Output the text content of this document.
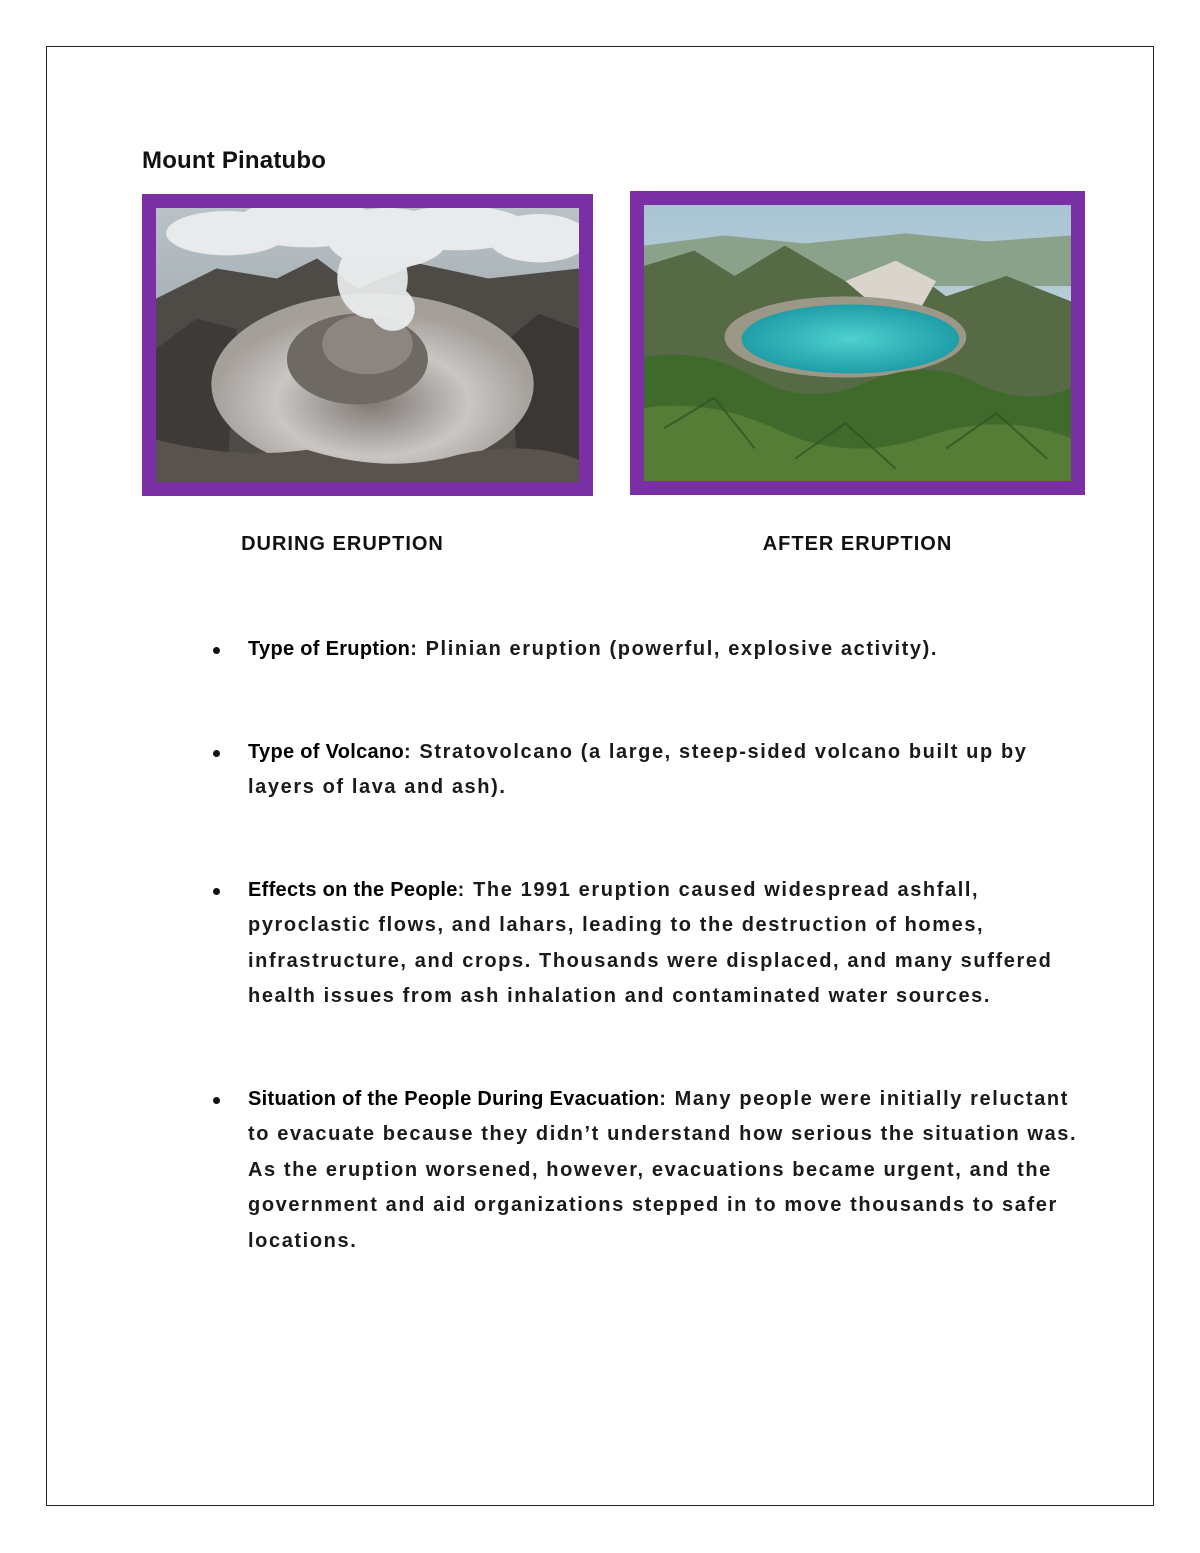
Mount Pinatubo
DURING ERUPTION	AFTER ERUPTION
Type of Eruption: Plinian eruption (powerful, explosive activity).
Type of Volcano: Stratovolcano (a large, steep-sided volcano built up by layers of lava and ash).
Effects on the People: The 1991 eruption caused widespread ashfall, pyroclastic flows, and lahars, leading to the destruction of homes, infrastructure, and crops. Thousands were displaced, and many suffered health issues from ash inhalation and contaminated water sources.
Situation of the People During Evacuation: Many people were initially reluctant to evacuate because they didn’t understand how serious the situation was. As the eruption worsened, however, evacuations became urgent, and the government and aid organizations stepped in to move thousands to safer locations.
